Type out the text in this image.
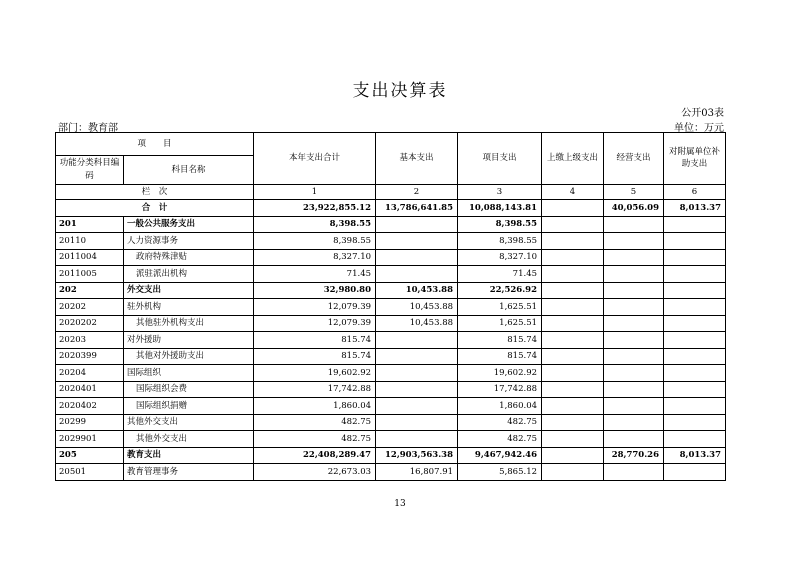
支出决算表
公开03表
部门：教育部	单位：万元
项　　目		本年支出合计	基本支出	项目支出	上缴上级支出	经营支出	对附属单位补助支出
功能分类科目编码	科目名称						
栏　次		1	2	3	4	5	6
合　计		23,922,855.12	13,786,641.85	10,088,143.81		40,056.09	8,013.37
201	一般公共服务支出	8,398.55		8,398.55			
20110	人力资源事务	8,398.55		8,398.55			
2011004	政府特殊津贴	8,327.10		8,327.10			
2011005	派驻派出机构	71.45		71.45			
202	外交支出	32,980.80	10,453.88	22,526.92			
20202	驻外机构	12,079.39	10,453.88	1,625.51			
2020202	其他驻外机构支出	12,079.39	10,453.88	1,625.51			
20203	对外援助	815.74		815.74			
2020399	其他对外援助支出	815.74		815.74			
20204	国际组织	19,602.92		19,602.92			
2020401	国际组织会费	17,742.88		17,742.88			
2020402	国际组织捐赠	1,860.04		1,860.04			
20299	其他外交支出	482.75		482.75			
2029901	其他外交支出	482.75		482.75			
205	教育支出	22,408,289.47	12,903,563.38	9,467,942.46		28,770.26	8,013.37
20501	教育管理事务	22,673.03	16,807.91	5,865.12			
13
